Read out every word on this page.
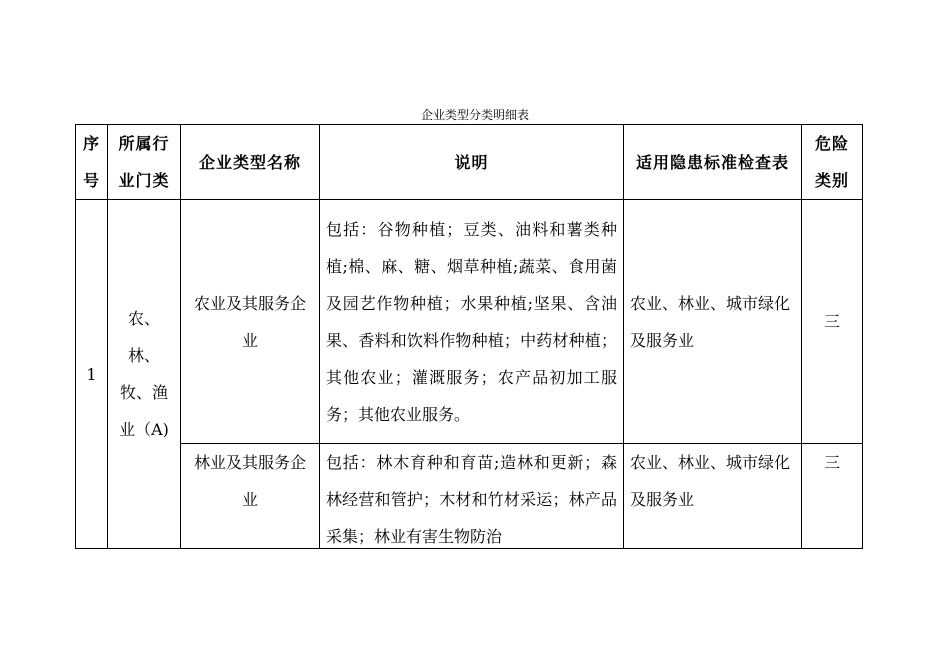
企业类型分类明细表
序号	所属行业门类	企业类型名称	说明	适用隐患标准检查表	危险类别
1	农、林、牧、渔业（A)	农业及其服务企业	包括：谷物种植；豆类、油料和薯类种植;棉、麻、糖、烟草种植;蔬菜、食用菌及园艺作物种植；水果种植;坚果、含油果、香料和饮料作物种植；中药材种植；其他农业；灌溉服务；农产品初加工服务；其他农业服务。	农业、林业、城市绿化及服务业	三

		林业及其服务企业	包括：林木育种和育苗;造林和更新；森林经营和管护；木材和竹材采运；林产品采集；林业有害生物防治	农业、林业、城市绿化及服务业	三
